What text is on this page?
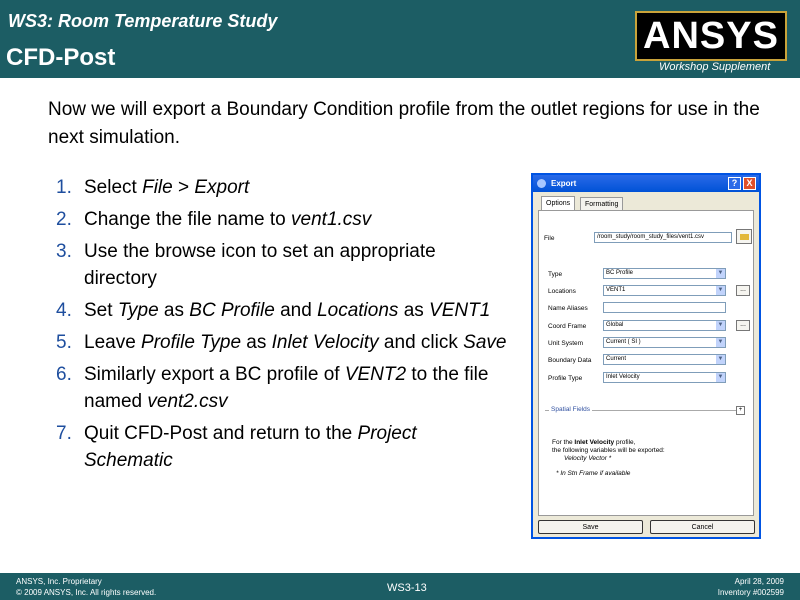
WS3: Room Temperature Study
CFD-Post
ANSYS
Workshop Supplement
Now we will export a Boundary Condition profile from the outlet regions for use in the next simulation.
1. Select File > Export
2. Change the file name to vent1.csv
3. Use the browse icon to set an appropriate directory
4. Set Type as BC Profile and Locations as VENT1
5. Leave Profile Type as Inlet Velocity and click Save
6. Similarly export a BC profile of VENT2 to the file named vent2.csv
7. Quit CFD-Post and return to the Project Schematic
Export	?	X
Options	Formatting
File	/room_study/room_study_files/vent1.csv
Type	BC Profile	▼
Locations	VENT1	▼	...
Name Aliases
Coord Frame	Global	▼	...
Unit System	Current ( SI )	▼
Boundary Data	Current	▼
Profile Type	Inlet Velocity	▼
Spatial Fields	+
For the Inlet Velocity profile,
the following variables will be exported:
Velocity Vector *
* In Stn Frame if available
Save	Cancel
ANSYS, Inc. Proprietary
© 2009 ANSYS, Inc. All rights reserved.	WS3-13
April 28, 2009
Inventory #002599
